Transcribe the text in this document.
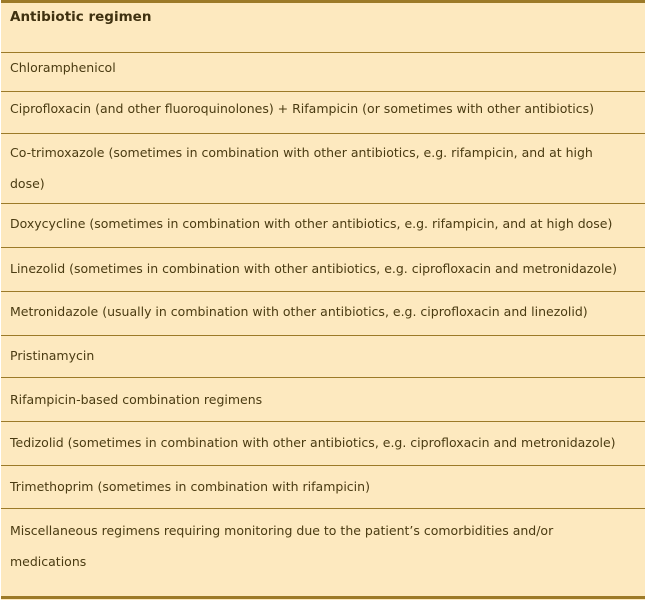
Antibiotic regimen
Chloramphenicol
Ciprofloxacin (and other fluoroquinolones) + Rifampicin (or sometimes with other antibiotics)
Co-trimoxazole (sometimes in combination with other antibiotics, e.g. rifampicin, and at high dose)
Doxycycline (sometimes in combination with other antibiotics, e.g. rifampicin, and at high dose)
Linezolid (sometimes in combination with other antibiotics, e.g. ciprofloxacin and metronidazole)
Metronidazole (usually in combination with other antibiotics, e.g. ciprofloxacin and linezolid)
Pristinamycin
Rifampicin-based combination regimens
Tedizolid (sometimes in combination with other antibiotics, e.g. ciprofloxacin and metronidazole)
Trimethoprim (sometimes in combination with rifampicin)
Miscellaneous regimens requiring monitoring due to the patient’s comorbidities and/or medications
